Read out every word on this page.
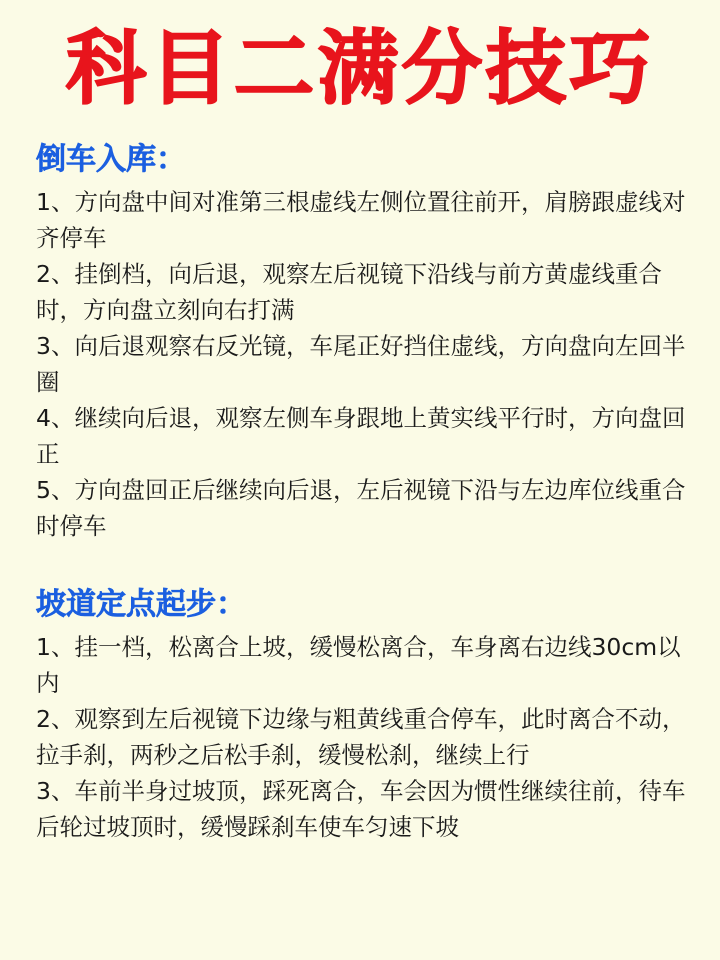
科目二满分技巧
倒车入库：

1、方向盘中间对准第三根虚线左侧位置往前开，肩膀跟虚线对齐停车

2、挂倒档，向后退，观察左后视镜下沿线与前方黄虚线重合时，方向盘立刻向右打满

3、向后退观察右反光镜，车尾正好挡住虚线，方向盘向左回半圈

4、继续向后退，观察左侧车身跟地上黄实线平行时，方向盘回正

5、方向盘回正后继续向后退，左后视镜下沿与左边库位线重合时停车

坡道定点起步：

1、挂一档，松离合上坡，缓慢松离合，车身离右边线30cm以内

2、观察到左后视镜下边缘与粗黄线重合停车，此时离合不动，拉手刹，两秒之后松手刹，缓慢松刹，继续上行

3、车前半身过坡顶，踩死离合，车会因为惯性继续往前，待车后轮过坡顶时，缓慢踩刹车使车匀速下坡
